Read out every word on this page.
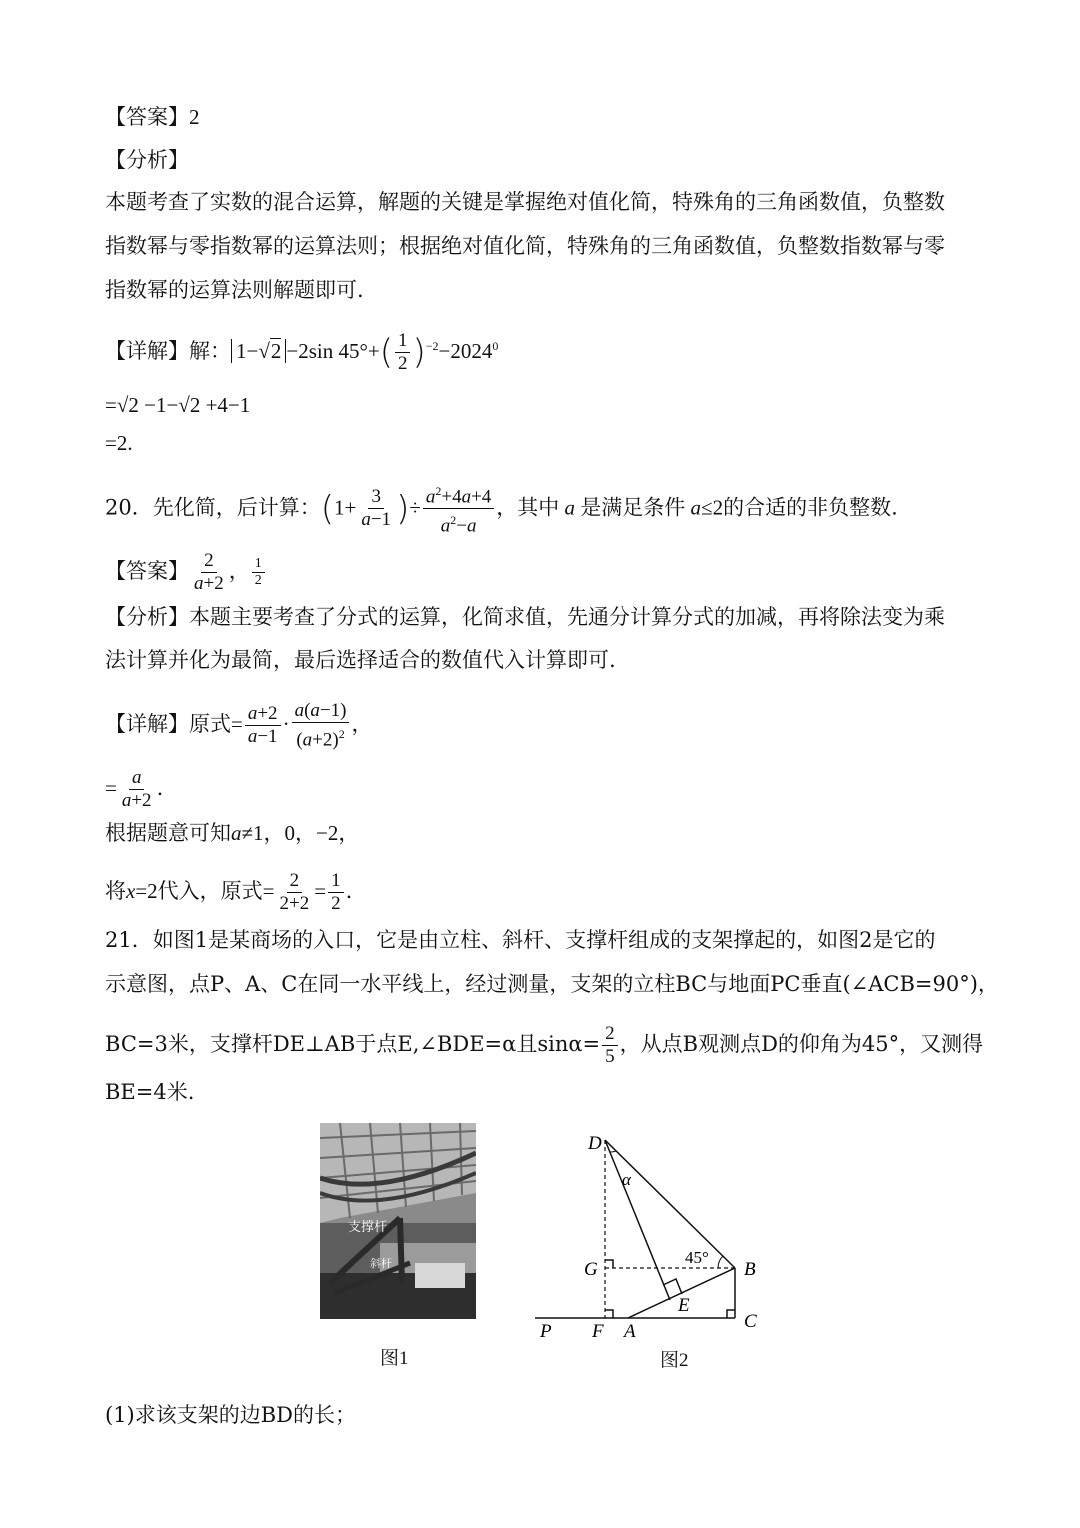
【答案】2
【分析】
本题考查了实数的混合运算，解题的关键是掌握绝对值化简，特殊角的三角函数值，负整数
指数幂与零指数幂的运算法则；根据绝对值化简，特殊角的三角函数值，负整数指数幂与零
指数幂的运算法则解题即可.
【详解】解： 1−√2 −2sin $45^\circ+( \frac{1}{2} )^{-2}-2024^0$
=√2 −1−√2 +4−1
=2.
20．先化简，后计算：($1+ \frac{3}{a-1}$ )÷ $\frac{a^2+4a+4}{a^2-a}$ ，其中 a 是满足条件 a≤2的合适的非负整数.
【答案】 $\frac{2}{a+2}$ ， $\frac{1}{2}$
【分析】本题主要考查了分式的运算，化简求值，先通分计算分式的加减，再将除法变为乘
法计算并化为最简，最后选择适合的数值代入计算即可.
【详解】原式= $\frac{a+2}{a-1} \cdot \frac{a(a-1)}{(a+2)^2}$ ，
= $\frac{a}{a+2}$ .
根据题意可知a≠1，0，−2，
将x=2代入，原式= $\frac{2}{2+2} = \frac{1}{2}$ .
21．如图1是某商场的入口，它是由立柱、斜杆、支撑杆组成的支架撑起的，如图2是它的
示意图，点P、A、C在同一水平线上，经过测量，支架的立柱BC与地面PC垂直(∠ACB=90°)，
BC=3米，支撑杆DE⊥AB于点E,∠BDE=α且$\sin\alpha= \frac{2}{5}$ ，从点B观测点D的仰角为45°，又测得
BE=4米.
支撑杆
斜杆
图1
D
α
G
45°
B
E
P F A	C
图2
(1)求该支架的边BD的长；
